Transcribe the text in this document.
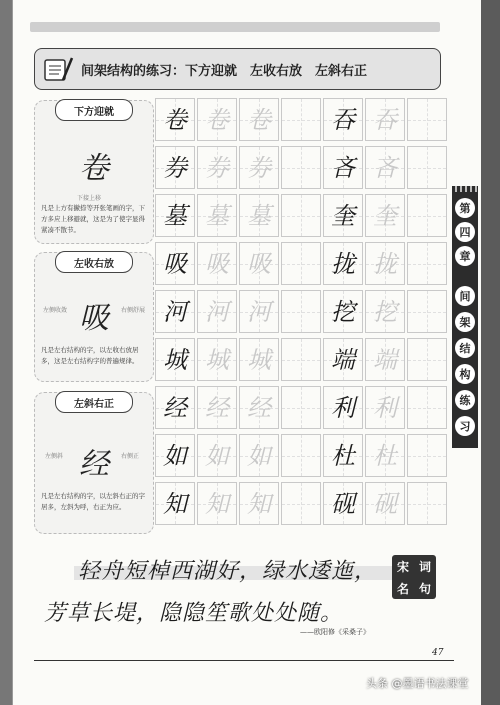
间架结构的练习：下方迎就　左收右放　左斜右正
下方迎就
卷
下接上移
凡是上方有撇捺等开张笔画的字，下方多应上移避就，这是为了使字显得紧凑不散节。
左收右放
吸
左侧收敛	右侧舒展
凡是左右结构的字，以左收右放居多，这是左右结构字的普遍规律。
左斜右正
经
左侧斜	右侧正
凡是左右结构的字，以左斜右正的字居多，左斜为呼，右正为应。
卷 卷 卷	吞 吞
券 券 券	吝 吝
墓 墓 墓	奎 奎
吸 吸 吸	拢 拢
河 河 河	挖 挖
城 城 城	端 端
经 经 经	利 利
如 如 如	杜 杜
知 知 知	砚 砚
第
四
章
间
架
结
构
练
习
轻舟短棹西湖好，绿水逶迤，
芳草长堤，隐隐笙歌处处随。
宋 词
名 句
——欧阳修《采桑子》
47
头条 @墨语书法课堂
